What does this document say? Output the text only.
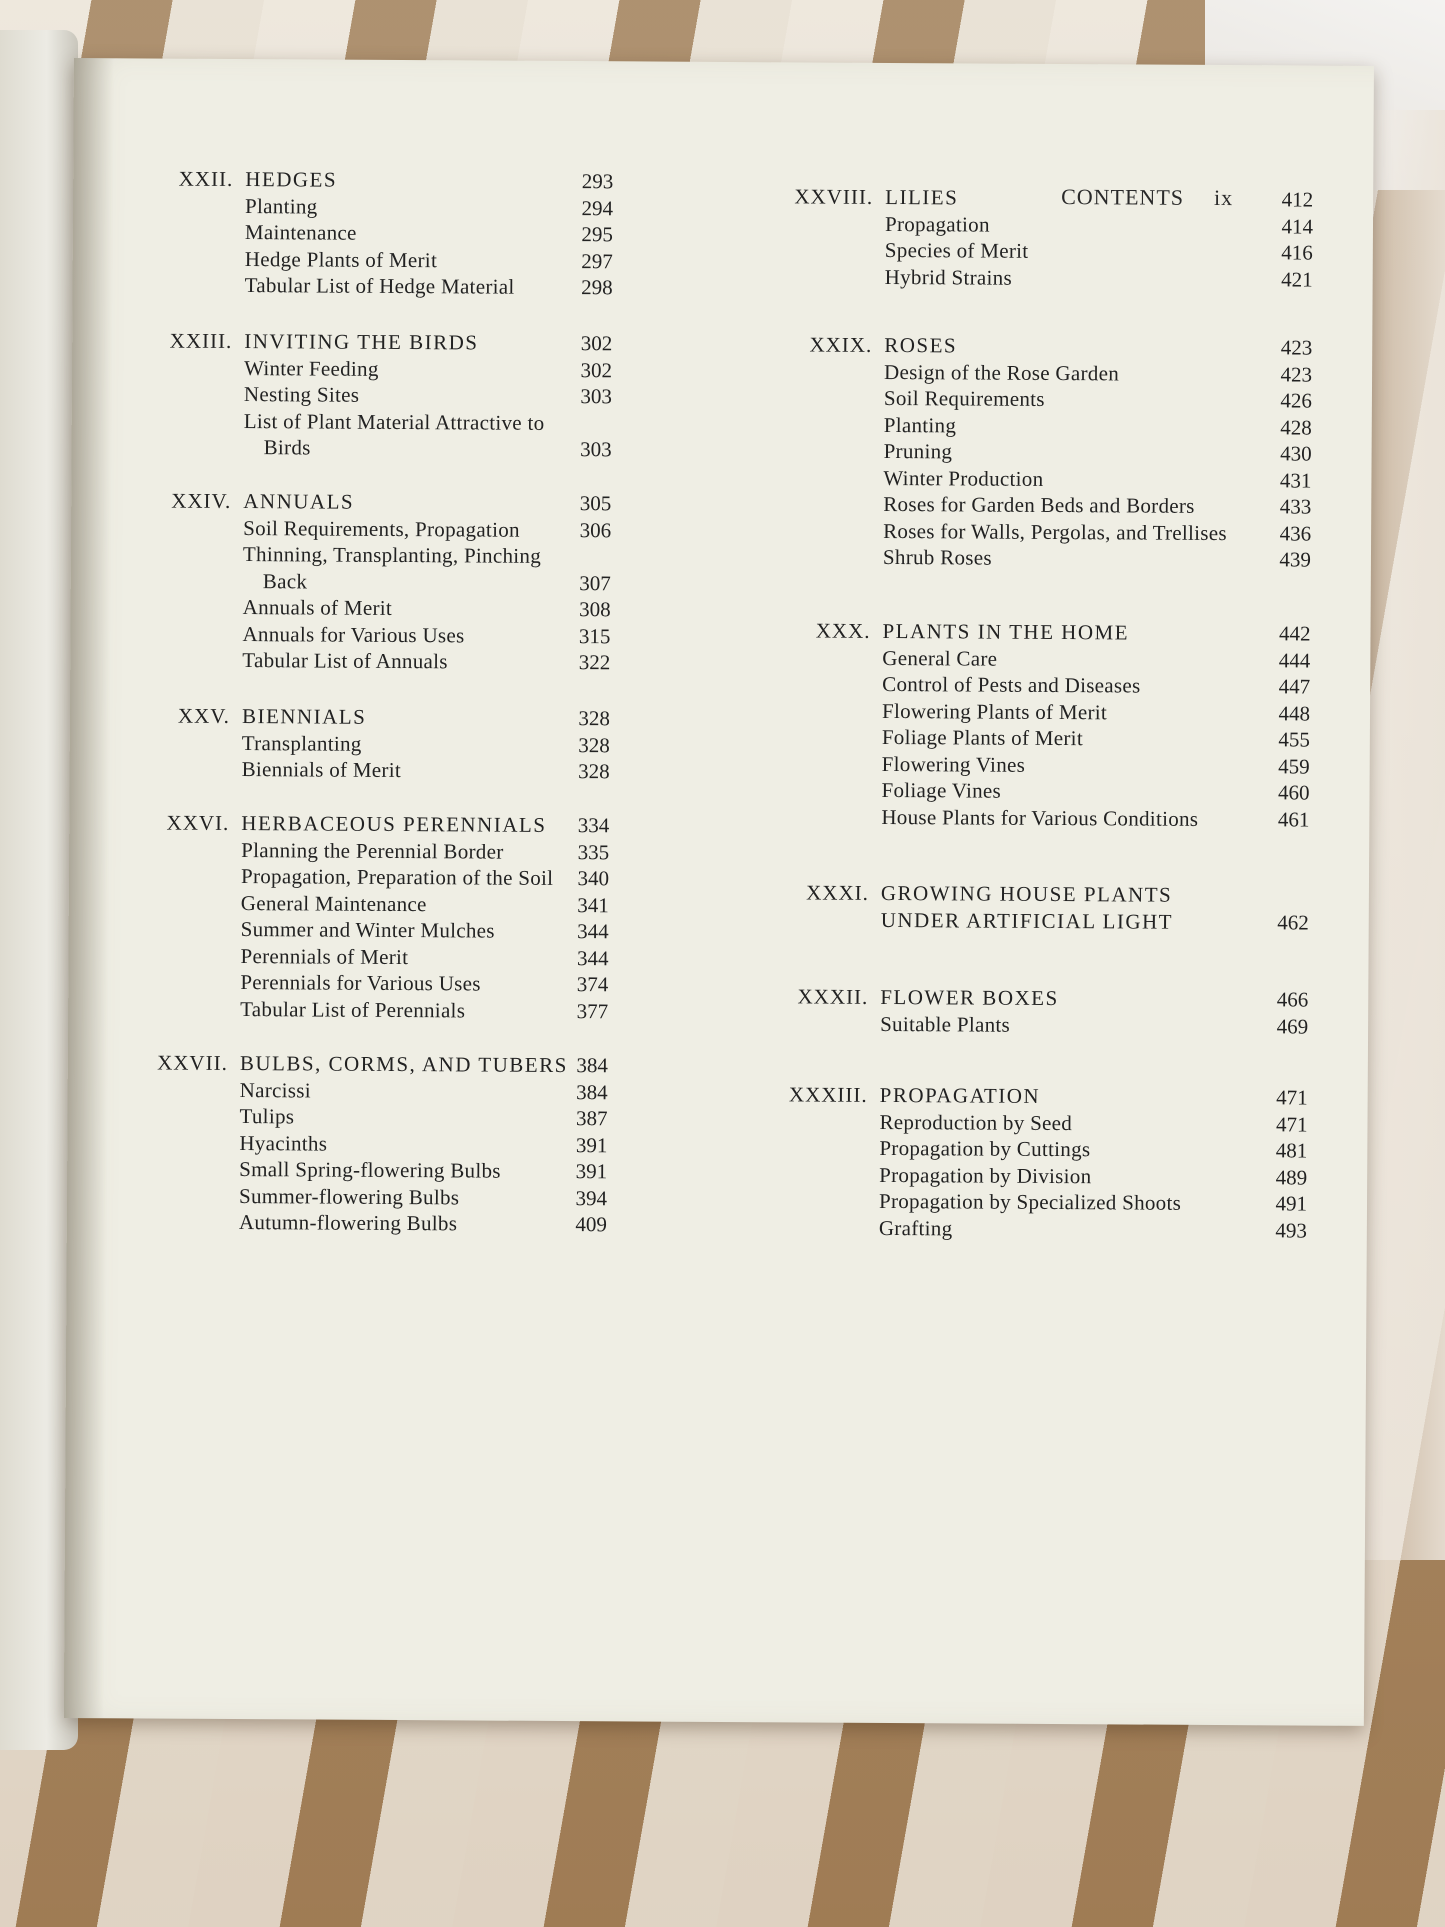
CONTENTS ix
XXII. HEDGES	293
Planting	294
Maintenance	295
Hedge Plants of Merit	297
Tabular List of Hedge Material	298
XXIII. INVITING THE BIRDS	302
Winter Feeding	302
Nesting Sites	303
List of Plant Material Attractive to
Birds	303
XXIV. ANNUALS	305
Soil Requirements, Propagation	306
Thinning, Transplanting, Pinching
Back	307
Annuals of Merit	308
Annuals for Various Uses	315
Tabular List of Annuals	322
XXV. BIENNIALS	328
Transplanting	328
Biennials of Merit	328
XXVI. HERBACEOUS PERENNIALS	334
Planning the Perennial Border	335
Propagation, Preparation of the Soil	340
General Maintenance	341
Summer and Winter Mulches	344
Perennials of Merit	344
Perennials for Various Uses	374
Tabular List of Perennials	377
XXVII. BULBS, CORMS, AND TUBERS 384
Narcissi	384
Tulips	387
Hyacinths	391
Small Spring-flowering Bulbs	391
Summer-flowering Bulbs	394
Autumn-flowering Bulbs	409
XXVIII. LILIES	412
Propagation	414
Species of Merit	416
Hybrid Strains	421
XXIX. ROSES	423
Design of the Rose Garden	423
Soil Requirements	426
Planting	428
Pruning	430
Winter Production	431
Roses for Garden Beds and Borders	433
Roses for Walls, Pergolas, and Trellises	436
Shrub Roses	439
XXX. PLANTS IN THE HOME	442
General Care	444
Control of Pests and Diseases	447
Flowering Plants of Merit	448
Foliage Plants of Merit	455
Flowering Vines	459
Foliage Vines	460
House Plants for Various Conditions	461
XXXI. GROWING HOUSE PLANTS
UNDER ARTIFICIAL LIGHT	462
XXXII. FLOWER BOXES	466
Suitable Plants	469
XXXIII. PROPAGATION	471
Reproduction by Seed	471
Propagation by Cuttings	481
Propagation by Division	489
Propagation by Specialized Shoots	491
Grafting	493
